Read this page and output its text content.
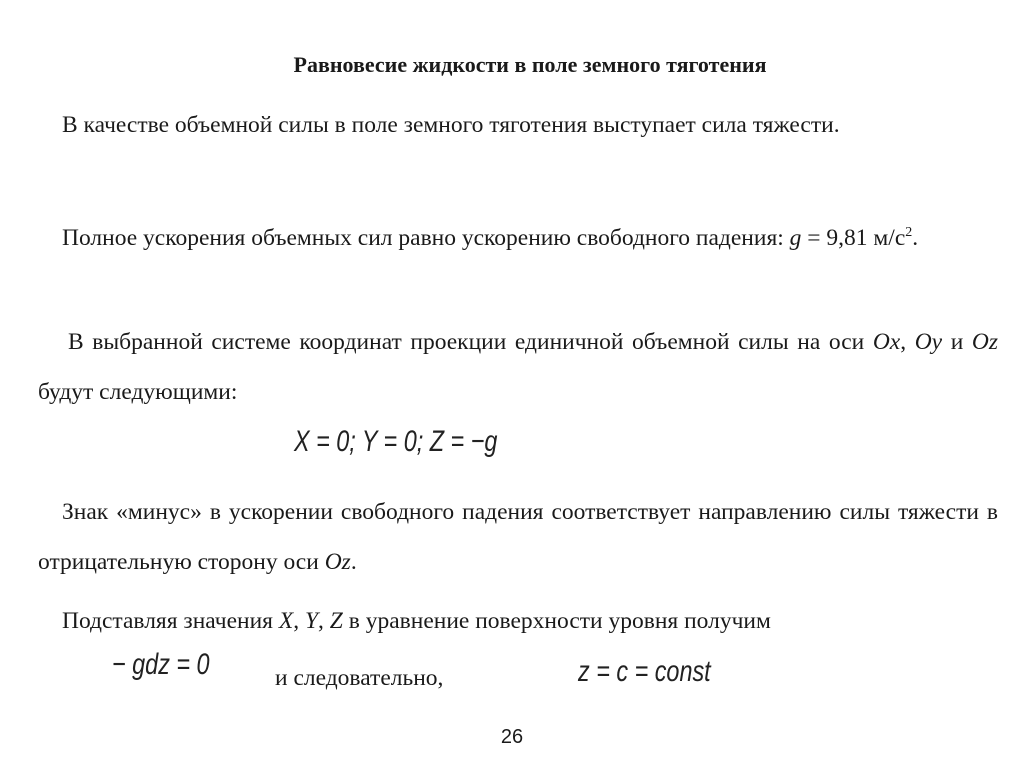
Равновесие жидкости в поле земного тяготения
В качестве объемной силы в поле земного тяготения выступает сила тяжести.
Полное ускорения объемных сил равно ускорению свободного падения: g = 9,81 $м/с^2$.
В выбранной системе координат проекции единичной объемной силы на оси Ox, Oy и Oz будут следующими:
X = 0; Y = 0; Z = −g
Знак «минус» в ускорении свободного падения соответствует направлению силы тяжести в отрицательную сторону оси Oz.
Подставляя значения X, Y, Z в уравнение поверхности уровня получим
− gdz = 0	и следовательно,	z = c = const
26
